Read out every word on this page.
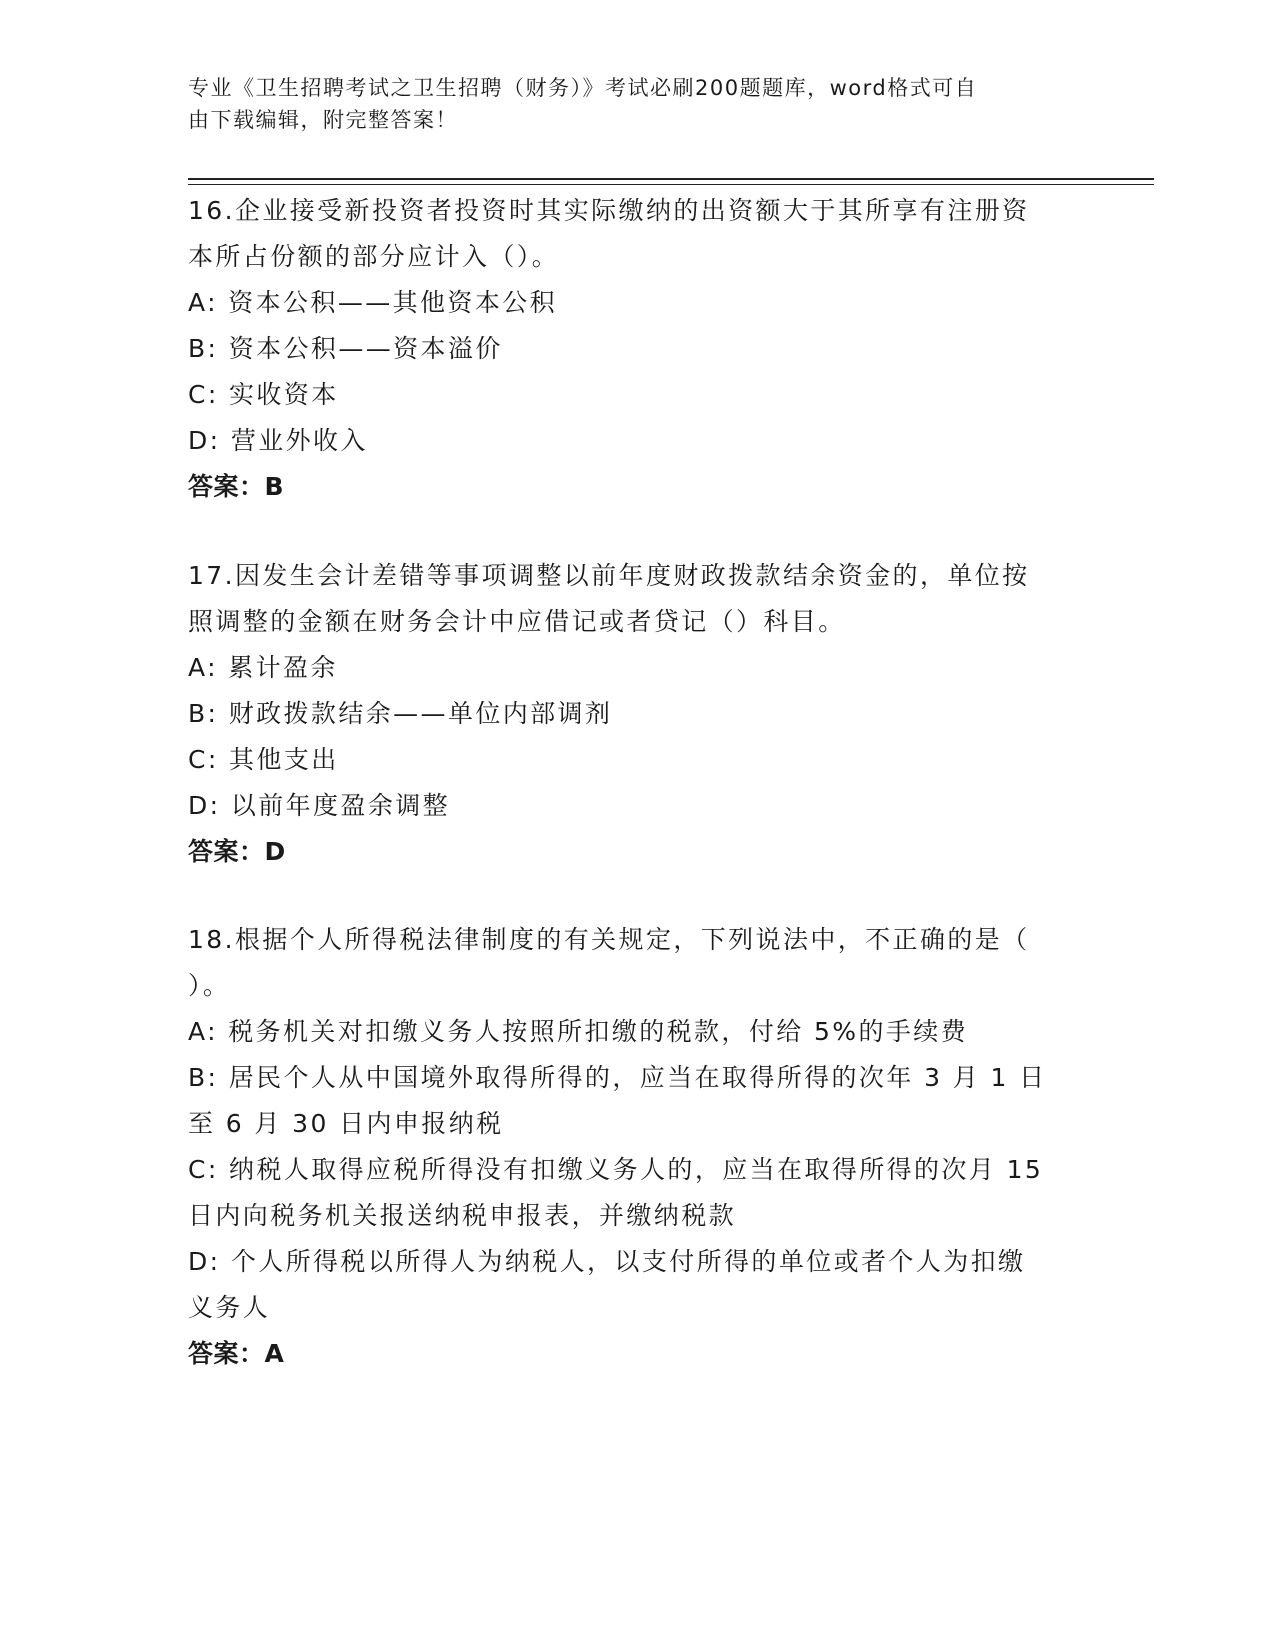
专业《卫生招聘考试之卫生招聘（财务）》考试必刷200题题库，word格式可自
由下载编辑，附完整答案！
16.企业接受新投资者投资时其实际缴纳的出资额大于其所享有注册资
本所占份额的部分应计入（）。
A: 资本公积——其他资本公积
B: 资本公积——资本溢价
C: 实收资本
D: 营业外收入
答案：B
17.因发生会计差错等事项调整以前年度财政拨款结余资金的，单位按
照调整的金额在财务会计中应借记或者贷记（）科目。
A: 累计盈余
B: 财政拨款结余——单位内部调剂
C: 其他支出
D: 以前年度盈余调整
答案：D
18.根据个人所得税法律制度的有关规定，下列说法中，不正确的是（
）。
A: 税务机关对扣缴义务人按照所扣缴的税款，付给 5%的手续费
B: 居民个人从中国境外取得所得的，应当在取得所得的次年 3 月 1 日
至 6 月 30 日内申报纳税
C: 纳税人取得应税所得没有扣缴义务人的，应当在取得所得的次月 15
日内向税务机关报送纳税申报表，并缴纳税款
D: 个人所得税以所得人为纳税人，以支付所得的单位或者个人为扣缴
义务人
答案：A
